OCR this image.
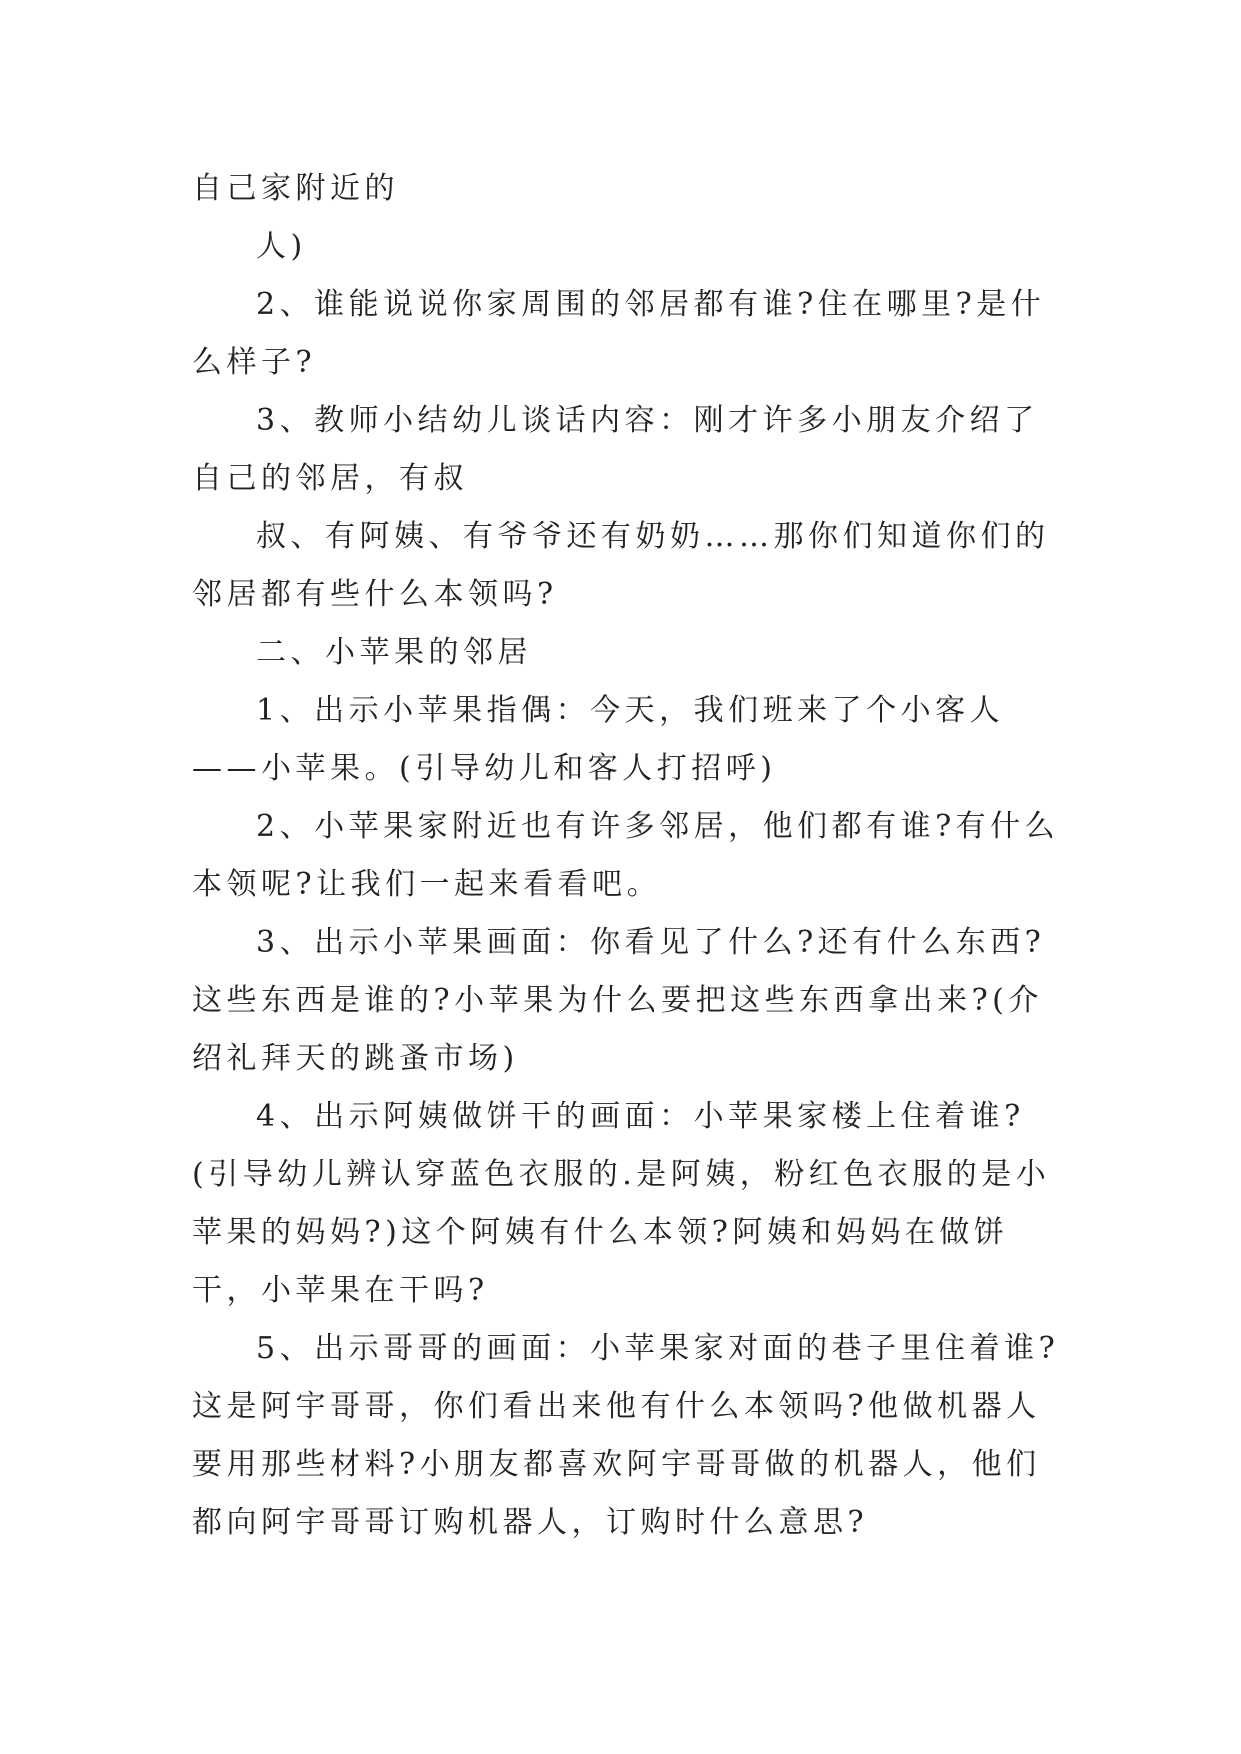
自己家附近的

人)

2、谁能说说你家周围的邻居都有谁?住在哪里?是什么样子?

3、教师小结幼儿谈话内容：刚才许多小朋友介绍了自己的邻居，有叔

叔、有阿姨、有爷爷还有奶奶……那你们知道你们的邻居都有些什么本领吗?

二、小苹果的邻居

1、出示小苹果指偶：今天，我们班来了个小客人——小苹果。(引导幼儿和客人打招呼)

2、小苹果家附近也有许多邻居，他们都有谁?有什么本领呢?让我们一起来看看吧。

3、出示小苹果画面：你看见了什么?还有什么东西?这些东西是谁的?小苹果为什么要把这些东西拿出来?(介绍礼拜天的跳蚤市场)

4、出示阿姨做饼干的画面：小苹果家楼上住着谁?(引导幼儿辨认穿蓝色衣服的.是阿姨，粉红色衣服的是小苹果的妈妈?)这个阿姨有什么本领?阿姨和妈妈在做饼干，小苹果在干吗?

5、出示哥哥的画面：小苹果家对面的巷子里住着谁?这是阿宇哥哥，你们看出来他有什么本领吗?他做机器人要用那些材料?小朋友都喜欢阿宇哥哥做的机器人，他们都向阿宇哥哥订购机器人，订购时什么意思?
